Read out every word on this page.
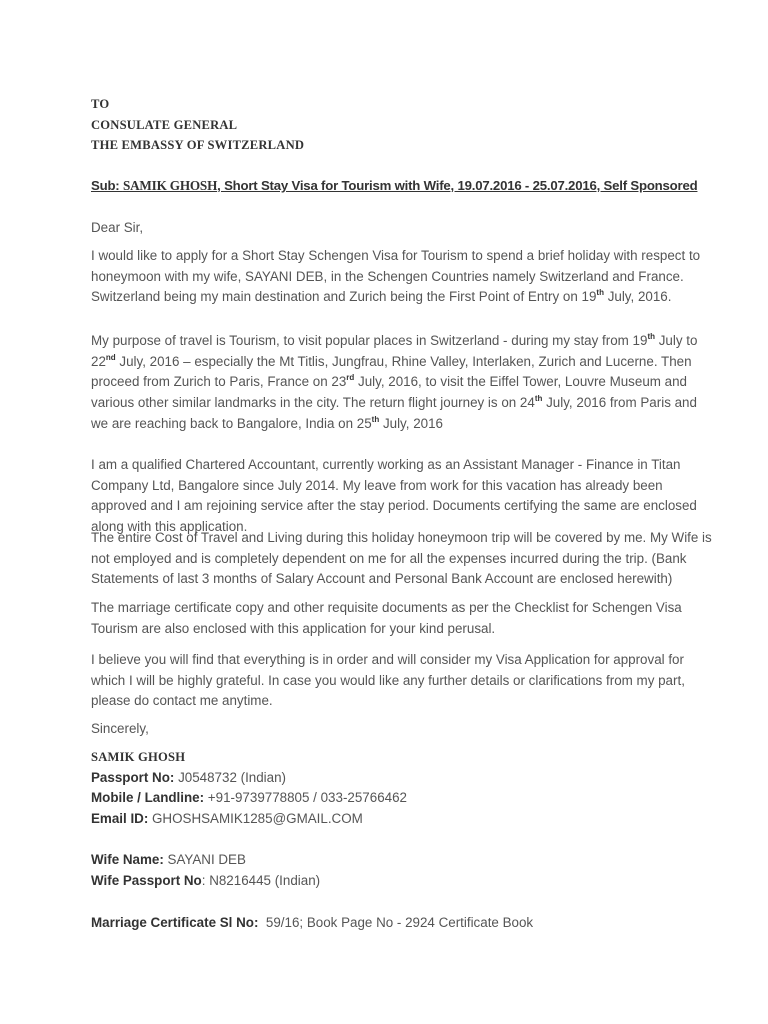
TO
CONSULATE GENERAL
THE EMBASSY OF SWITZERLAND
Sub: SAMIK GHOSH, Short Stay Visa for Tourism with Wife, 19.07.2016 - 25.07.2016, Self Sponsored
Dear Sir,
I would like to apply for a Short Stay Schengen Visa for Tourism to spend a brief holiday with respect to
honeymoon with my wife, SAYANI DEB, in the Schengen Countries namely Switzerland and France.
Switzerland being my main destination and Zurich being the First Point of Entry on 19th July, 2016.
My purpose of travel is Tourism, to visit popular places in Switzerland - during my stay from 19th July to
22nd July, 2016 – especially the Mt Titlis, Jungfrau, Rhine Valley, Interlaken, Zurich and Lucerne. Then
proceed from Zurich to Paris, France on 23rd July, 2016, to visit the Eiffel Tower, Louvre Museum and
various other similar landmarks in the city. The return flight journey is on 24th July, 2016 from Paris and
we are reaching back to Bangalore, India on 25th July, 2016
I am a qualified Chartered Accountant, currently working as an Assistant Manager - Finance in Titan
Company Ltd, Bangalore since July 2014. My leave from work for this vacation has already been
approved and I am rejoining service after the stay period. Documents certifying the same are enclosed
along with this application.
The entire Cost of Travel and Living during this holiday honeymoon trip will be covered by me. My Wife is
not employed and is completely dependent on me for all the expenses incurred during the trip. (Bank
Statements of last 3 months of Salary Account and Personal Bank Account are enclosed herewith)
The marriage certificate copy and other requisite documents as per the Checklist for Schengen Visa
Tourism are also enclosed with this application for your kind perusal.
I believe you will find that everything is in order and will consider my Visa Application for approval for
which I will be highly grateful. In case you would like any further details or clarifications from my part,
please do contact me anytime.
Sincerely,
SAMIK GHOSH
Passport No: J0548732 (Indian)
Mobile / Landline: +91-9739778805 / 033-25766462
Email ID: GHOSHSAMIK1285@GMAIL.COM
Wife Name: SAYANI DEB
Wife Passport No: N8216445 (Indian)
Marriage Certificate Sl No:  59/16; Book Page No - 2924 Certificate Book
